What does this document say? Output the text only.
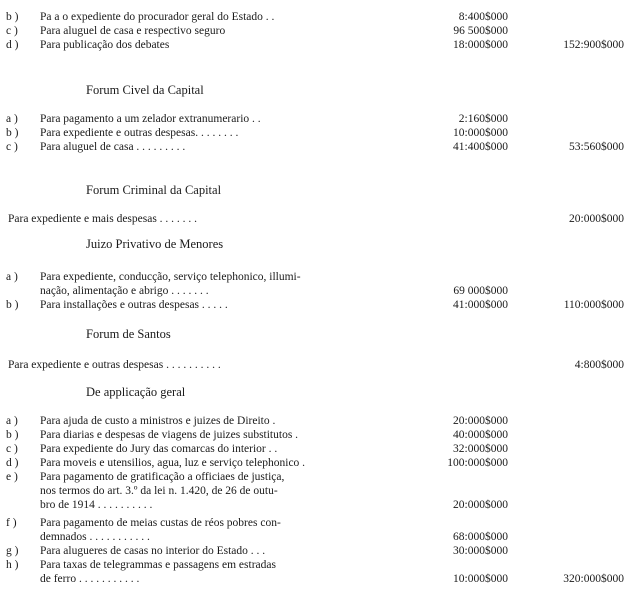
b )	Pa a o expediente do procurador geral do Estado . .	8:400$000
c )	Para aluguel de casa e respectivo seguro	96 500$000
d )	Para publicação dos debates	18:000$000	152:900$000
Forum Civel da Capital
a )	Para pagamento a um zelador extranumerario . .	2:160$000
b )	Para expediente e outras despesas. . . . . . . .	10:000$000
c )	Para aluguel de casa . . . . . . . . .	41:400$000	53:560$000
Forum Criminal da Capital
Para expediente e mais despesas . . . . . . .	20:000$000
Juizo Privativo de Menores
a )	Para expediente, conducção, serviço telephonico, illumi-
nação, alimentação e abrigo . . . . . . .	69 000$000
b )	Para installações e outras despesas . . . . .	41:000$000	110:000$000
Forum de Santos
Para expediente e outras despesas . . . . . . . . . .	4:800$000
De applicação geral
a )	Para ajuda de custo a ministros e juizes de Direito .	20:000$000
b )	Para diarias e despesas de viagens de juizes substitutos .	40:000$000
c )	Para expediente do Jury das comarcas do interior . .	32:000$000
d )	Para moveis e utensilios, agua, luz e serviço telephonico .	100:000$000
e )	Para pagamento de gratificação a officiaes de justiça,
nos termos do art. 3.º da lei n. 1.420, de 26 de outu-
bro de 1914 . . . . . . . . . .	20:000$000
f )	Para pagamento de meias custas de réos pobres con-
demnados . . . . . . . . . . .	68:000$000
g )	Para alugueres de casas no interior do Estado . . .	30:000$000
h )	Para taxas de telegrammas e passagens em estradas
de ferro . . . . . . . . . . .	10:000$000	320:000$000
